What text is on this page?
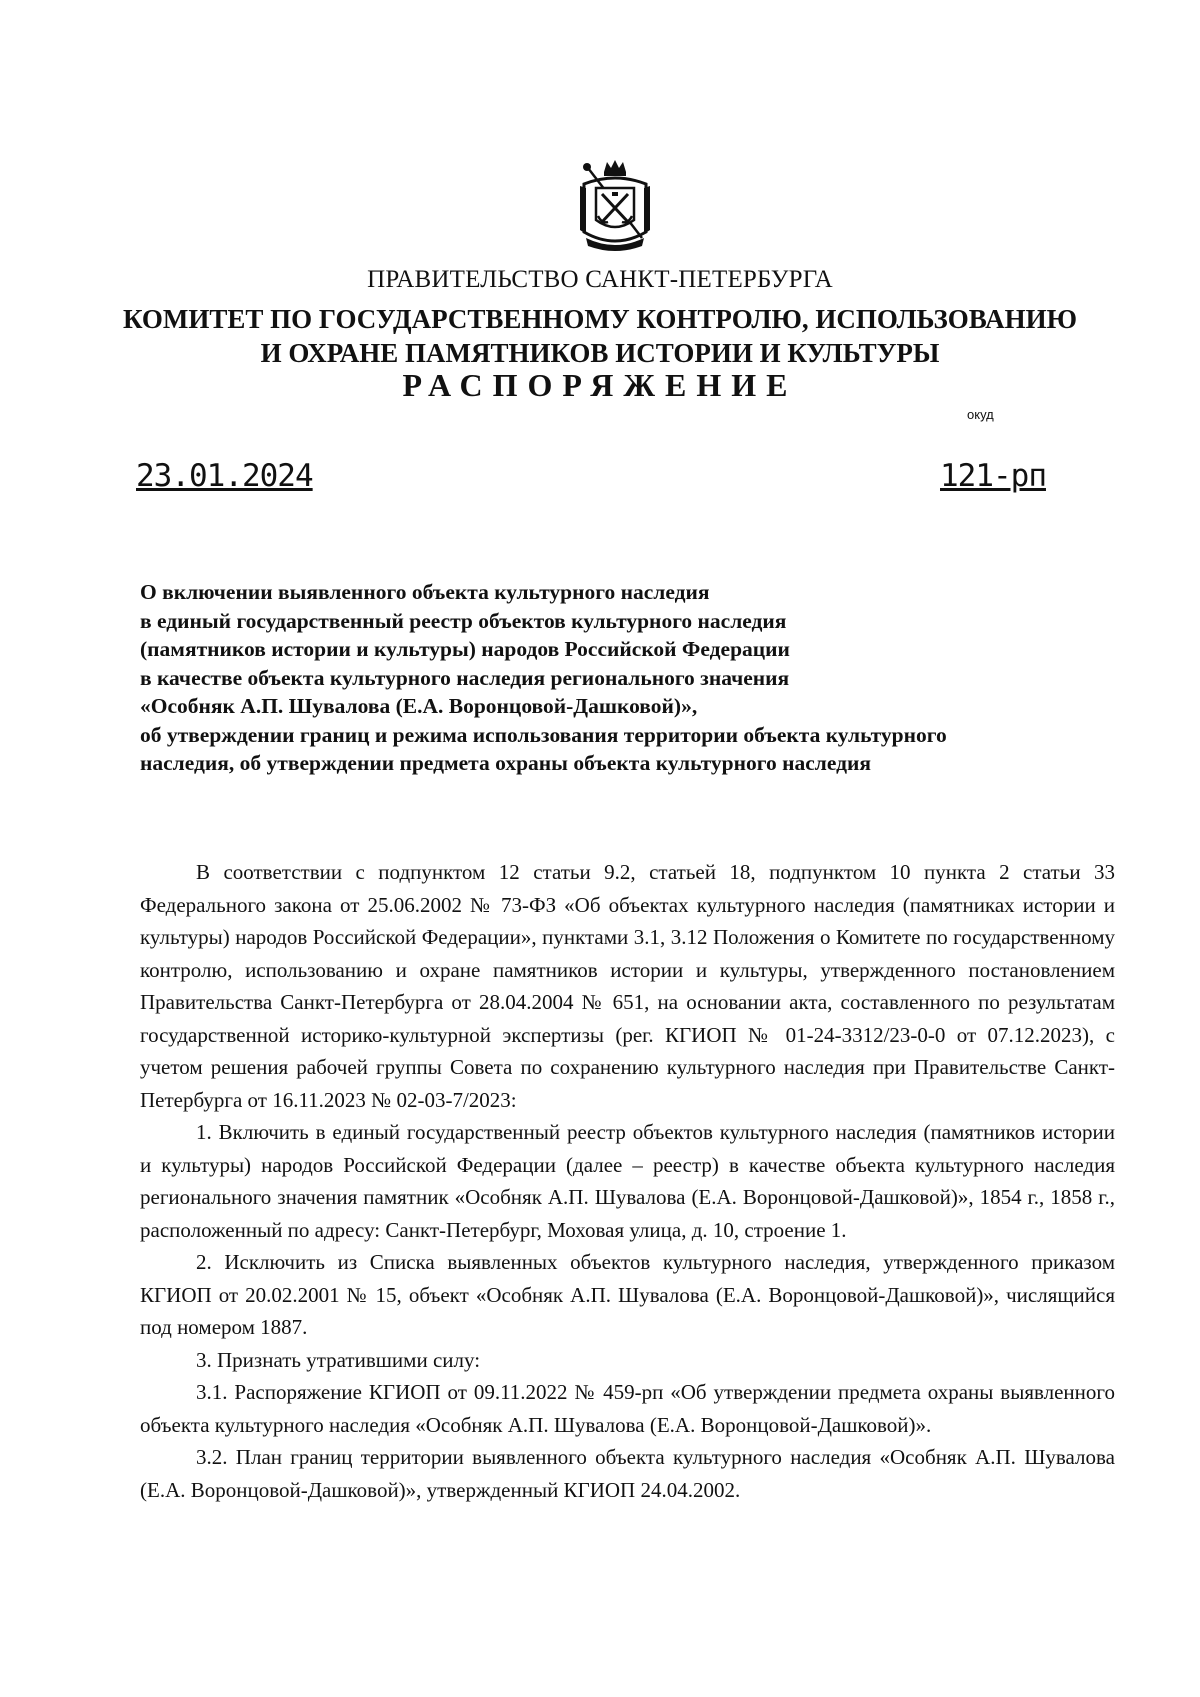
ПРАВИТЕЛЬСТВО САНКТ-ПЕТЕРБУРГА
КОМИТЕТ ПО ГОСУДАРСТВЕННОМУ КОНТРОЛЮ, ИСПОЛЬЗОВАНИЮ
И ОХРАНЕ ПАМЯТНИКОВ ИСТОРИИ И КУЛЬТУРЫ
РАСПОРЯЖЕНИЕ
окуд
23.01.2024	121-рп
О включении выявленного объекта культурного наследия
в единый государственный реестр объектов культурного наследия
(памятников истории и культуры) народов Российской Федерации
в качестве объекта культурного наследия регионального значения
«Особняк А.П. Шувалова (Е.А. Воронцовой-Дашковой)»,
об утверждении границ и режима использования территории объекта культурного
наследия, об утверждении предмета охраны объекта культурного наследия

В соответствии с подпунктом 12 статьи 9.2, статьей 18, подпунктом 10 пункта 2 статьи 33 Федерального закона от 25.06.2002 № 73-ФЗ «Об объектах культурного наследия (памятниках истории и культуры) народов Российской Федерации», пунктами 3.1, 3.12 Положения о Комитете по государственному контролю, использованию и охране памятников истории и культуры, утвержденного постановлением Правительства Санкт-Петербурга от 28.04.2004 № 651, на основании акта, составленного по результатам государственной историко-культурной экспертизы (рег. КГИОП № 01-24-3312/23-0-0 от 07.12.2023), с учетом решения рабочей группы Совета по сохранению культурного наследия при Правительстве Санкт-Петербурга от 16.11.2023 № 02-03-7/2023:

1. Включить в единый государственный реестр объектов культурного наследия (памятников истории и культуры) народов Российской Федерации (далее – реестр) в качестве объекта культурного наследия регионального значения памятник «Особняк А.П. Шувалова (Е.А. Воронцовой-Дашковой)», 1854 г., 1858 г., расположенный по адресу: Санкт-Петербург, Моховая улица, д. 10, строение 1.

2. Исключить из Списка выявленных объектов культурного наследия, утвержденного приказом КГИОП от 20.02.2001 № 15, объект «Особняк А.П. Шувалова (Е.А. Воронцовой-Дашковой)», числящийся под номером 1887.

3. Признать утратившими силу:

3.1. Распоряжение КГИОП от 09.11.2022 № 459-рп «Об утверждении предмета охраны выявленного объекта культурного наследия «Особняк А.П. Шувалова (Е.А. Воронцовой-Дашковой)».

3.2. План границ территории выявленного объекта культурного наследия «Особняк А.П. Шувалова (Е.А. Воронцовой-Дашковой)», утвержденный КГИОП 24.04.2002.
